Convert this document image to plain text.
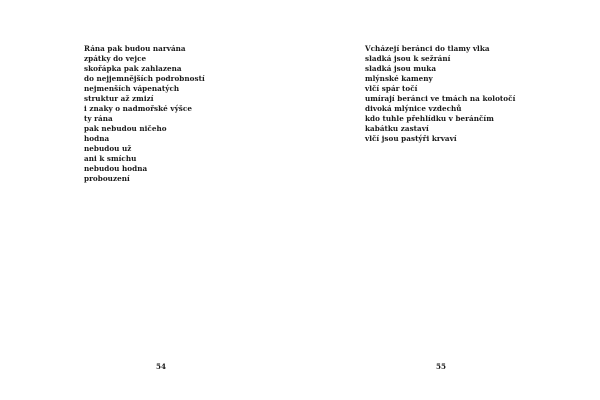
Rána pak budou narvána
zpátky do vejce
skořápka pak zahlazena
do nejjemnějších podrobností
nejmenších vápenatých
struktur až zmizí
i znaky o nadmořské výšce
ty rána
pak nebudou ničeho
hodna
nebudou už
ani k smíchu
nebudou hodna
probouzení
54
Vcházejí beránci do tlamy vlka
sladká jsou k sežrání
sladká jsou muka
mlýnské kameny
vlčí spár točí
umírají beránci ve tmách na kolotočí
divoká mlýnice vzdechů
kdo tuhle přehlídku v beránčím
kabátku zastaví
vlčí jsou pastýři krvaví
55
